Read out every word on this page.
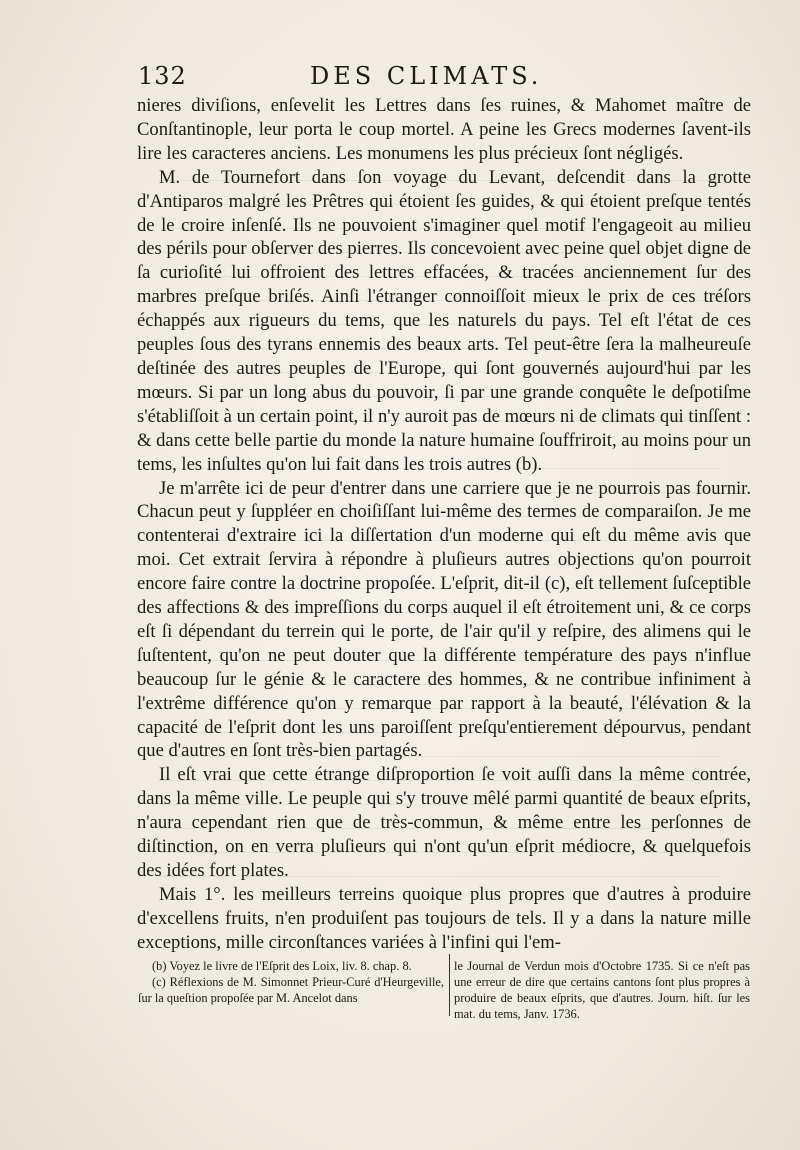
132	DES CLIMATS.

nieres diviſions, enſevelit les Lettres dans ſes ruines, & Mahomet maître de Conſtantinople, leur porta le coup mortel. A peine les Grecs modernes ſavent-ils lire les caracteres anciens. Les monumens les plus précieux ſont négligés.

M. de Tournefort dans ſon voyage du Levant, deſcendit dans la grotte d'Antiparos malgré les Prêtres qui étoient ſes guides, & qui étoient preſque tentés de le croire inſenſé. Ils ne pouvoient s'imaginer quel motif l'engageoit au milieu des périls pour obſerver des pierres. Ils concevoient avec peine quel objet digne de ſa curioſité lui offroient des lettres effacées, & tracées anciennement ſur des marbres preſque briſés. Ainſi l'étranger connoiſſoit mieux le prix de ces tréſors échappés aux rigueurs du tems, que les naturels du pays. Tel eſt l'état de ces peuples ſous des tyrans ennemis des beaux arts. Tel peut-être ſera la malheureuſe deſtinée des autres peuples de l'Europe, qui ſont gouvernés aujourd'hui par les mœurs. Si par un long abus du pouvoir, ſi par une grande conquête le deſpotiſme s'établiſſoit à un certain point, il n'y auroit pas de mœurs ni de climats qui tinſſent : & dans cette belle partie du monde la nature humaine ſouffriroit, au moins pour un tems, les inſultes qu'on lui fait dans les trois autres (b).

Je m'arrête ici de peur d'entrer dans une carriere que je ne pourrois pas fournir. Chacun peut y ſuppléer en choiſiſſant lui-même des termes de comparaiſon. Je me contenterai d'extraire ici la diſſertation d'un moderne qui eſt du même avis que moi. Cet extrait ſervira à répondre à pluſieurs autres objections qu'on pourroit encore faire contre la doctrine propoſée. L'eſprit, dit-il (c), eſt tellement ſuſceptible des affections & des impreſſions du corps auquel il eſt étroitement uni, & ce corps eſt ſi dépendant du terrein qui le porte, de l'air qu'il y reſpire, des alimens qui le ſuſtentent, qu'on ne peut douter que la différente température des pays n'influe beaucoup ſur le génie & le caractere des hommes, & ne contribue infiniment à l'extrême différence qu'on y remarque par rapport à la beauté, l'élévation & la capacité de l'eſprit dont les uns paroiſſent preſqu'entierement dépourvus, pendant que d'autres en ſont très-bien partagés.

Il eſt vrai que cette étrange diſproportion ſe voit auſſi dans la même contrée, dans la même ville. Le peuple qui s'y trouve mêlé parmi quantité de beaux eſprits, n'aura cependant rien que de très-commun, & même entre les perſonnes de diſtinction, on en verra pluſieurs qui n'ont qu'un eſprit médiocre, & quelquefois des idées fort plates.

Mais 1°. les meilleurs terreins quoique plus propres que d'autres à produire d'excellens fruits, n'en produiſent pas toujours de tels. Il y a dans la nature mille exceptions, mille circonſtances variées à l'infini qui l'em-

(b) Voyez le livre de l'Eſprit des Loix, liv. 8. chap. 8.

(c) Réflexions de M. Simonnet Prieur-Curé d'Heurgeville, ſur la queſtion propoſée par M. Ancelot dans

le Journal de Verdun mois d'Octobre 1735. Si ce n'eſt pas une erreur de dire que certains cantons ſont plus propres à produire de beaux eſprits, que d'autres. Journ. hiſt. ſur les mat. du tems, Janv. 1736.
